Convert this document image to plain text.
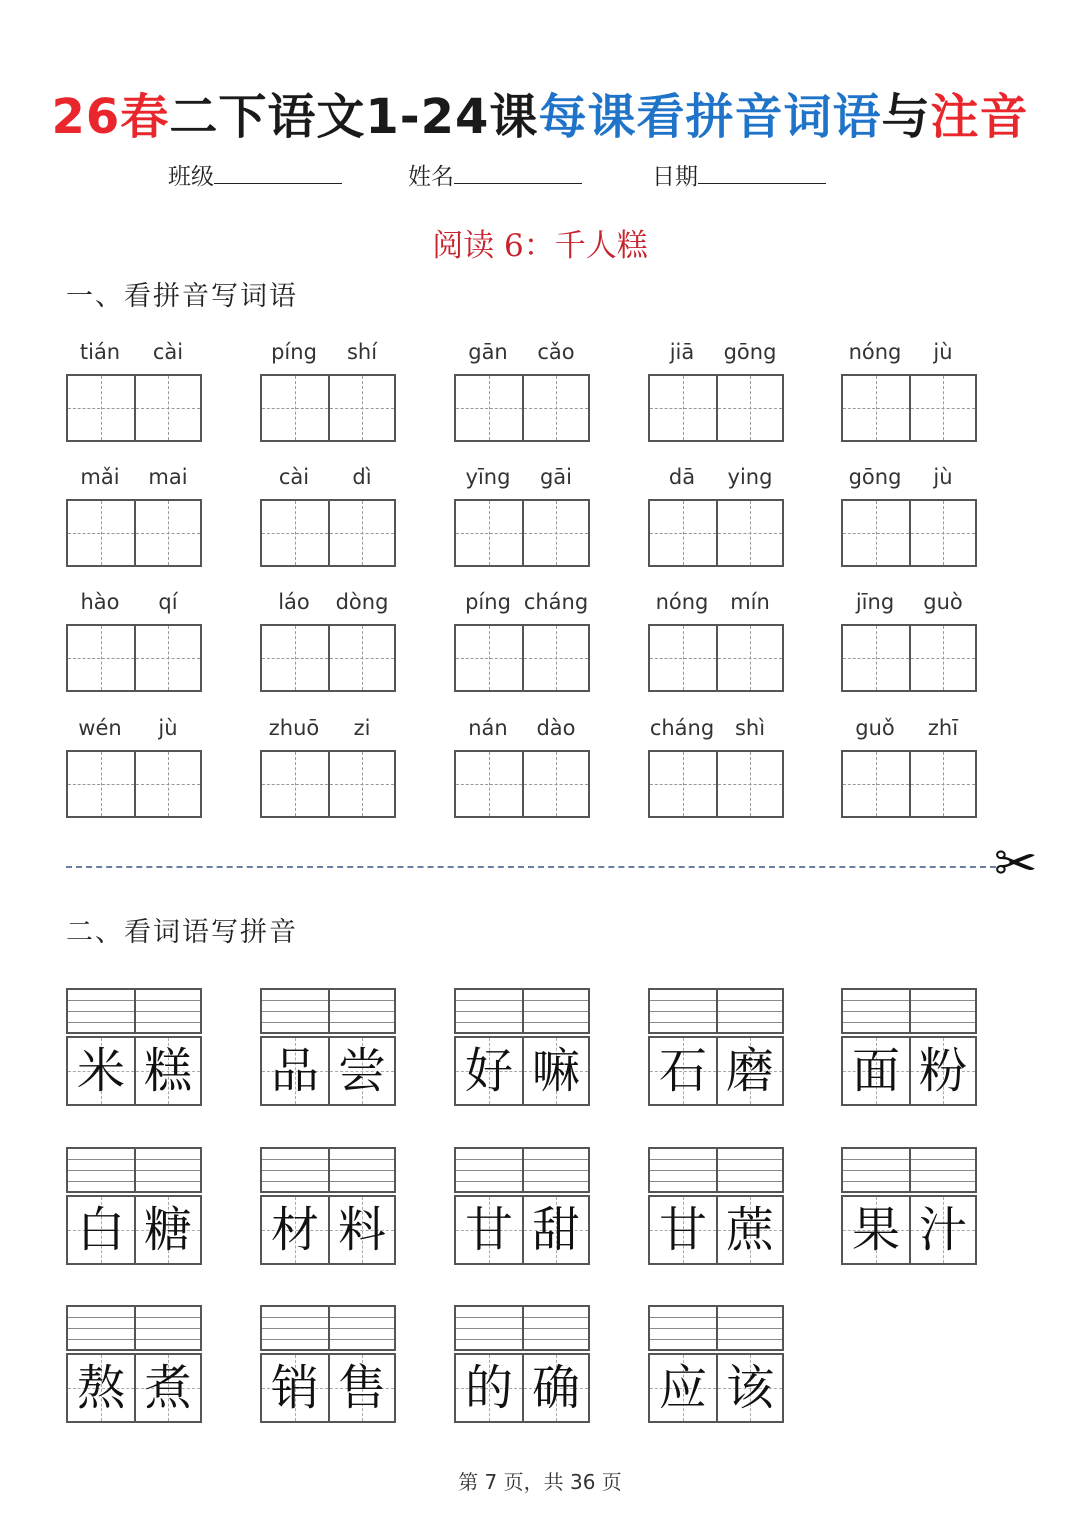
26春二下语文1-24课每课看拼音词语与注音
班级	姓名	日期
阅读 6：千人糕
一、看拼音写词语
tián	cài	píng	shí	gān	cǎo	jiā	gōng	nóng	jù
mǎi	mai	cài	dì	yīng	gāi	dā	ying	gōng	jù
hào	qí	láo	dòng	píng cháng	nóng	mín	jīng	guò
wén	jù	zhuō	zi	nán	dào	cháng shì	guǒ	zhī
✂
二、看词语写拼音
米 糕 品 尝 好 嘛 石 磨 面 粉
白 糖 材 料 甘 甜 甘 蔗 果 汁
熬 煮 销 售 的 确 应 该
第 7 页，共 36 页
